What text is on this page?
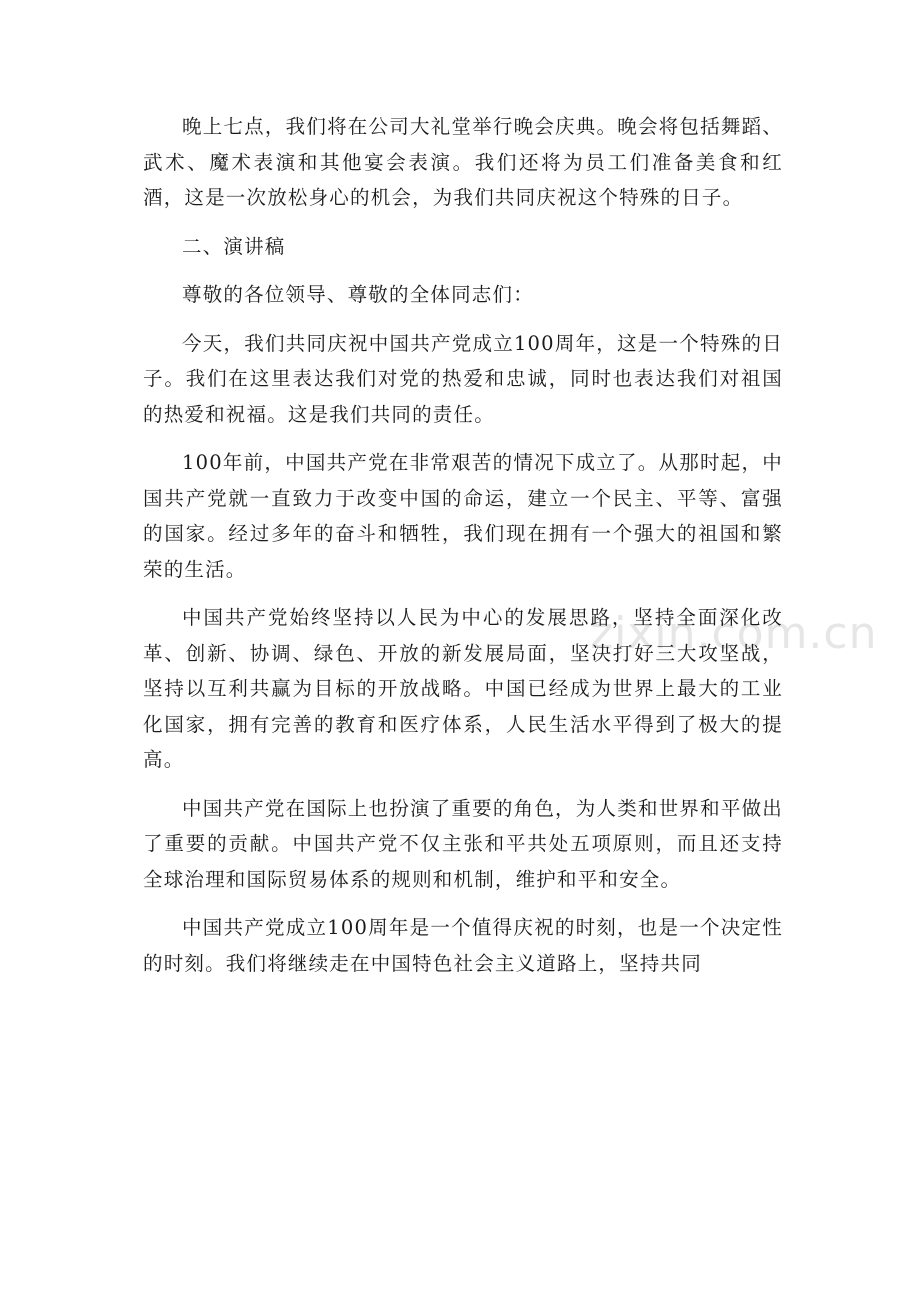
zixin.com.cn

晚上七点，我们将在公司大礼堂举行晚会庆典。晚会将包括舞蹈、武术、魔术表演和其他宴会表演。我们还将为员工们准备美食和红酒，这是一次放松身心的机会，为我们共同庆祝这个特殊的日子。

二、演讲稿

尊敬的各位领导、尊敬的全体同志们：

今天，我们共同庆祝中国共产党成立100周年，这是一个特殊的日子。我们在这里表达我们对党的热爱和忠诚，同时也表达我们对祖国的热爱和祝福。这是我们共同的责任。

100年前，中国共产党在非常艰苦的情况下成立了。从那时起，中国共产党就一直致力于改变中国的命运，建立一个民主、平等、富强的国家。经过多年的奋斗和牺牲，我们现在拥有一个强大的祖国和繁荣的生活。

中国共产党始终坚持以人民为中心的发展思路，坚持全面深化改革、创新、协调、绿色、开放的新发展局面，坚决打好三大攻坚战，坚持以互利共赢为目标的开放战略。中国已经成为世界上最大的工业化国家，拥有完善的教育和医疗体系，人民生活水平得到了极大的提高。

中国共产党在国际上也扮演了重要的角色，为人类和世界和平做出了重要的贡献。中国共产党不仅主张和平共处五项原则，而且还支持全球治理和国际贸易体系的规则和机制，维护和平和安全。

中国共产党成立100周年是一个值得庆祝的时刻，也是一个决定性的时刻。我们将继续走在中国特色社会主义道路上，坚持共同
